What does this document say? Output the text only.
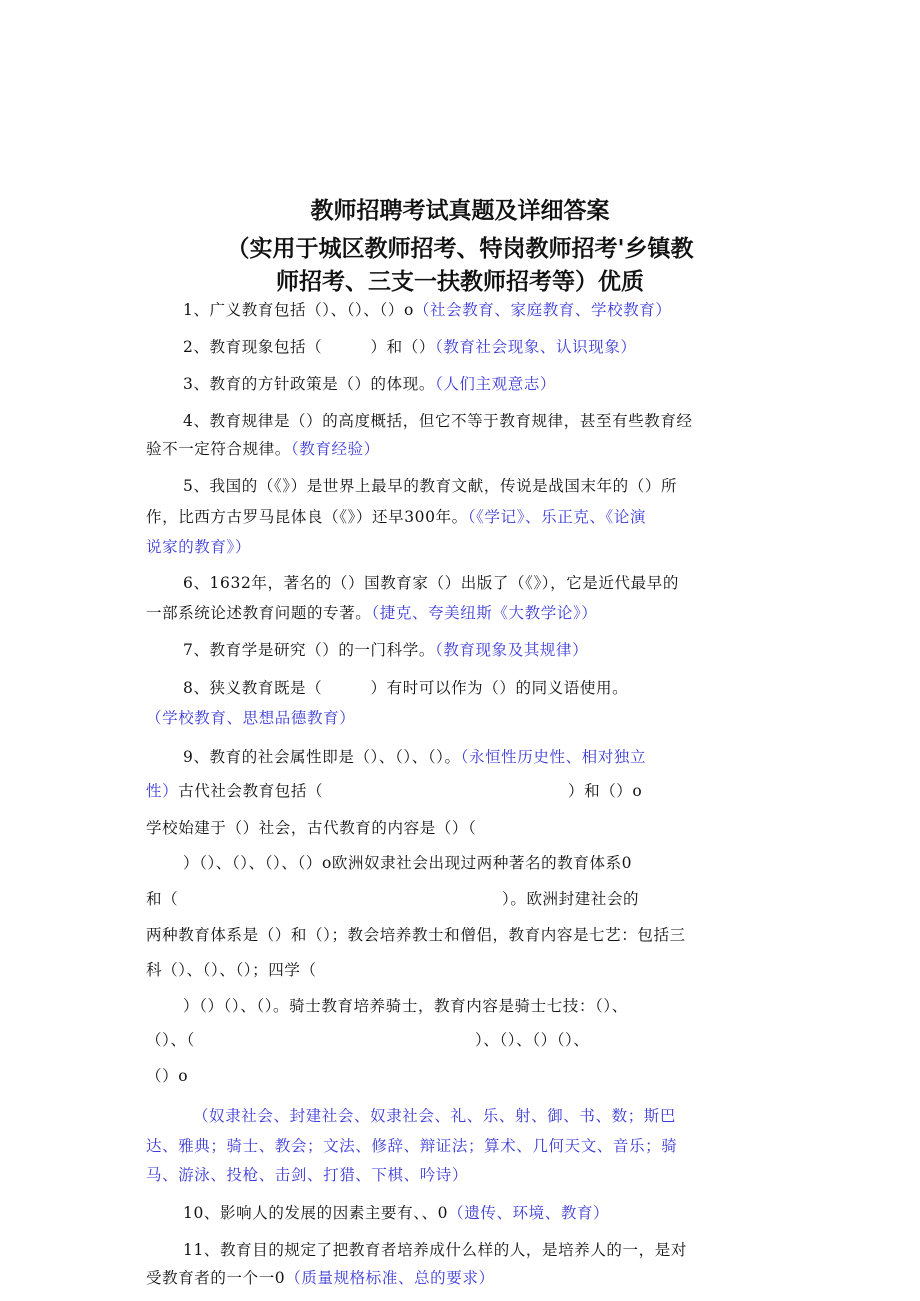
教师招聘考试真题及详细答案
（实用于城区教师招考、特岗教师招考'乡镇教
师招考、三支一扶教师招考等）优质
1、广义教育包括（）、（）、（）o（社会教育、家庭教育、学校教育）
2、教育现象包括（　　　）和（）（教育社会现象、认识现象）
3、教育的方针政策是（）的体现。（人们主观意志）
4、教育规律是（）的高度概括，但它不等于教育规律，甚至有些教育经
验不一定符合规律。（教育经验）
5、我国的（《》）是世界上最早的教育文献，传说是战国末年的（）所
作，比西方古罗马昆体良（《》）还早300年。（《学记》、乐正克、《论演
说家的教育》）
6、1632年，著名的（）国教育家（）出版了（《》），它是近代最早的
一部系统论述教育问题的专著。（捷克、夸美纽斯《大教学论》）
7、教育学是研究（）的一门科学。（教育现象及其规律）
8、狭义教育既是（　　　）有时可以作为（）的同义语使用。
（学校教育、思想品德教育）
9、教育的社会属性即是（）、（）、（）。（永恒性历史性、相对独立
性）古代社会教育包括（	）和（）o
学校始建于（）社会，古代教育的内容是（）（
）（）、（）、（）、（）o欧洲奴隶社会出现过两种著名的教育体系0
和（	）。欧洲封建社会的
两种教育体系是（）和（）；教会培养教士和僧侣，教育内容是七艺：包括三
科（）、（）、（）；四学（
）（）（）、（）。骑士教育培养骑士，教育内容是骑士七技：（）、
（）、（	）、（）、（）（）、
（）o
（奴隶社会、封建社会、奴隶社会、礼、乐、射、御、书、数；斯巴
达、雅典；骑士、教会；文法、修辞、辩证法；算术、几何天文、音乐；骑
马、游泳、投枪、击剑、打猎、下棋、吟诗）
10、影响人的发展的因素主要有、、0（遗传、环境、教育）
11、教育目的规定了把教育者培养成什么样的人，是培养人的一，是对
受教育者的一个一0（质量规格标准、总的要求）
